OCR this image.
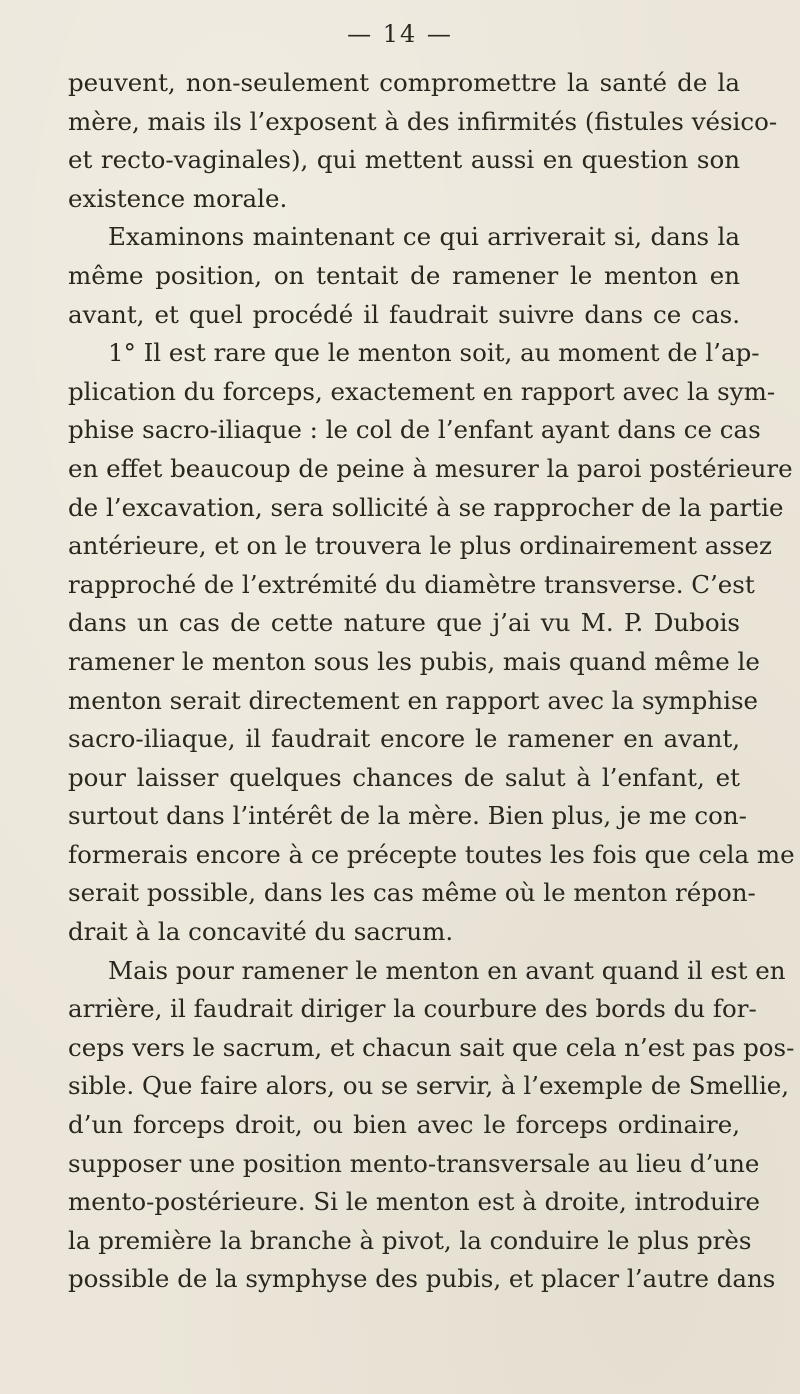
— 14 —
peuvent, non-seulement compromettre la santé de la
mère, mais ils l’exposent à des infirmités (fistules vésico-
et recto-vaginales), qui mettent aussi en question son
existence morale.
Examinons maintenant ce qui arriverait si, dans la
même position, on tentait de ramener le menton en
avant, et quel procédé il faudrait suivre dans ce cas.
1° Il est rare que le menton soit, au moment de l’ap-
plication du forceps, exactement en rapport avec la sym-
phise sacro-iliaque : le col de l’enfant ayant dans ce cas
en effet beaucoup de peine à mesurer la paroi postérieure
de l’excavation, sera sollicité à se rapprocher de la partie
antérieure, et on le trouvera le plus ordinairement assez
rapproché de l’extrémité du diamètre transverse. C’est
dans un cas de cette nature que j’ai vu M. P. Dubois
ramener le menton sous les pubis, mais quand même le
menton serait directement en rapport avec la symphise
sacro-iliaque, il faudrait encore le ramener en avant,
pour laisser quelques chances de salut à l’enfant, et
surtout dans l’intérêt de la mère. Bien plus, je me con-
formerais encore à ce précepte toutes les fois que cela me
serait possible, dans les cas même où le menton répon-
drait à la concavité du sacrum.
Mais pour ramener le menton en avant quand il est en
arrière, il faudrait diriger la courbure des bords du for-
ceps vers le sacrum, et chacun sait que cela n’est pas pos-
sible. Que faire alors, ou se servir, à l’exemple de Smellie,
d’un forceps droit, ou bien avec le forceps ordinaire,
supposer une position mento-transversale au lieu d’une
mento-postérieure. Si le menton est à droite, introduire
la première la branche à pivot, la conduire le plus près
possible de la symphyse des pubis, et placer l’autre dans
